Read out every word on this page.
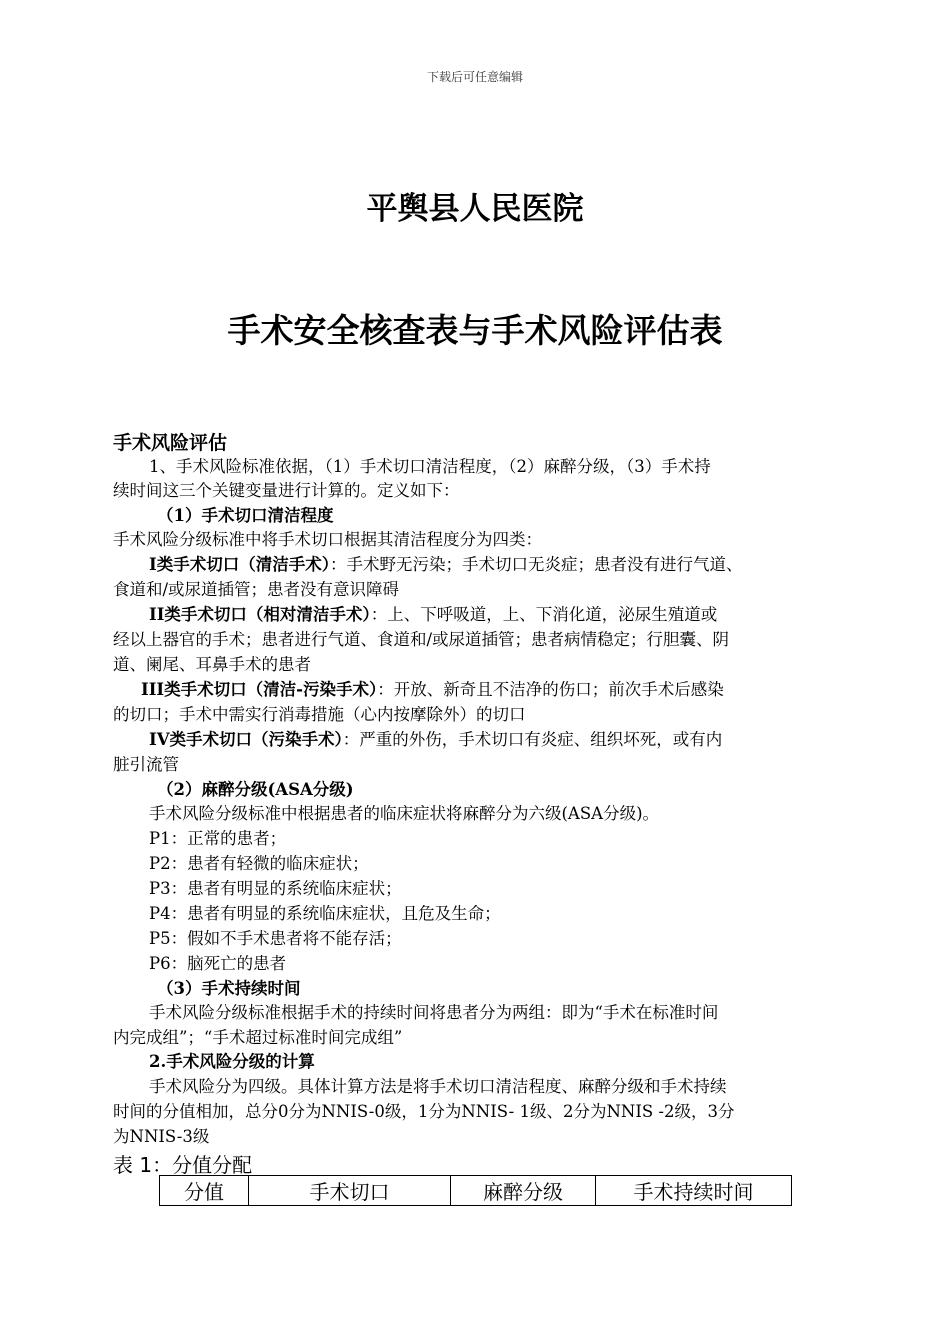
下载后可任意编辑
平舆县人民医院
手术安全核查表与手术风险评估表
手术风险评估
1、手术风险标准依据，（1）手术切口清洁程度，（2）麻醉分级，（3）手术持
续时间这三个关键变量进行计算的。定义如下：
（1）手术切口清洁程度
手术风险分级标准中将手术切口根据其清洁程度分为四类：
I类手术切口（清洁手术）：手术野无污染；手术切口无炎症；患者没有进行气道、
食道和/或尿道插管；患者没有意识障碍
II类手术切口（相对清洁手术）：上、下呼吸道，上、下消化道，泌尿生殖道或
经以上器官的手术；患者进行气道、食道和/或尿道插管；患者病情稳定；行胆囊、阴
道、阑尾、耳鼻手术的患者
III类手术切口（清洁-污染手术）：开放、新奇且不洁净的伤口；前次手术后感染
的切口；手术中需实行消毒措施（心内按摩除外）的切口
IV类手术切口（污染手术）：严重的外伤，手术切口有炎症、组织坏死，或有内
脏引流管
（2）麻醉分级(ASA分级)
手术风险分级标准中根据患者的临床症状将麻醉分为六级(ASA分级)。
P1：正常的患者；
P2：患者有轻微的临床症状；
P3：患者有明显的系统临床症状；
P4：患者有明显的系统临床症状，且危及生命；
P5：假如不手术患者将不能存活；
P6：脑死亡的患者
（3）手术持续时间
手术风险分级标准根据手术的持续时间将患者分为两组：即为“手术在标准时间
内完成组”；“手术超过标准时间完成组”
2.手术风险分级的计算
手术风险分为四级。具体计算方法是将手术切口清洁程度、麻醉分级和手术持续
时间的分值相加，总分0分为NNIS-0级，1分为NNIS- 1级、2分为NNIS -2级，3分
为NNIS-3级
表 1：分值分配
分值	手术切口	麻醉分级	手术持续时间
